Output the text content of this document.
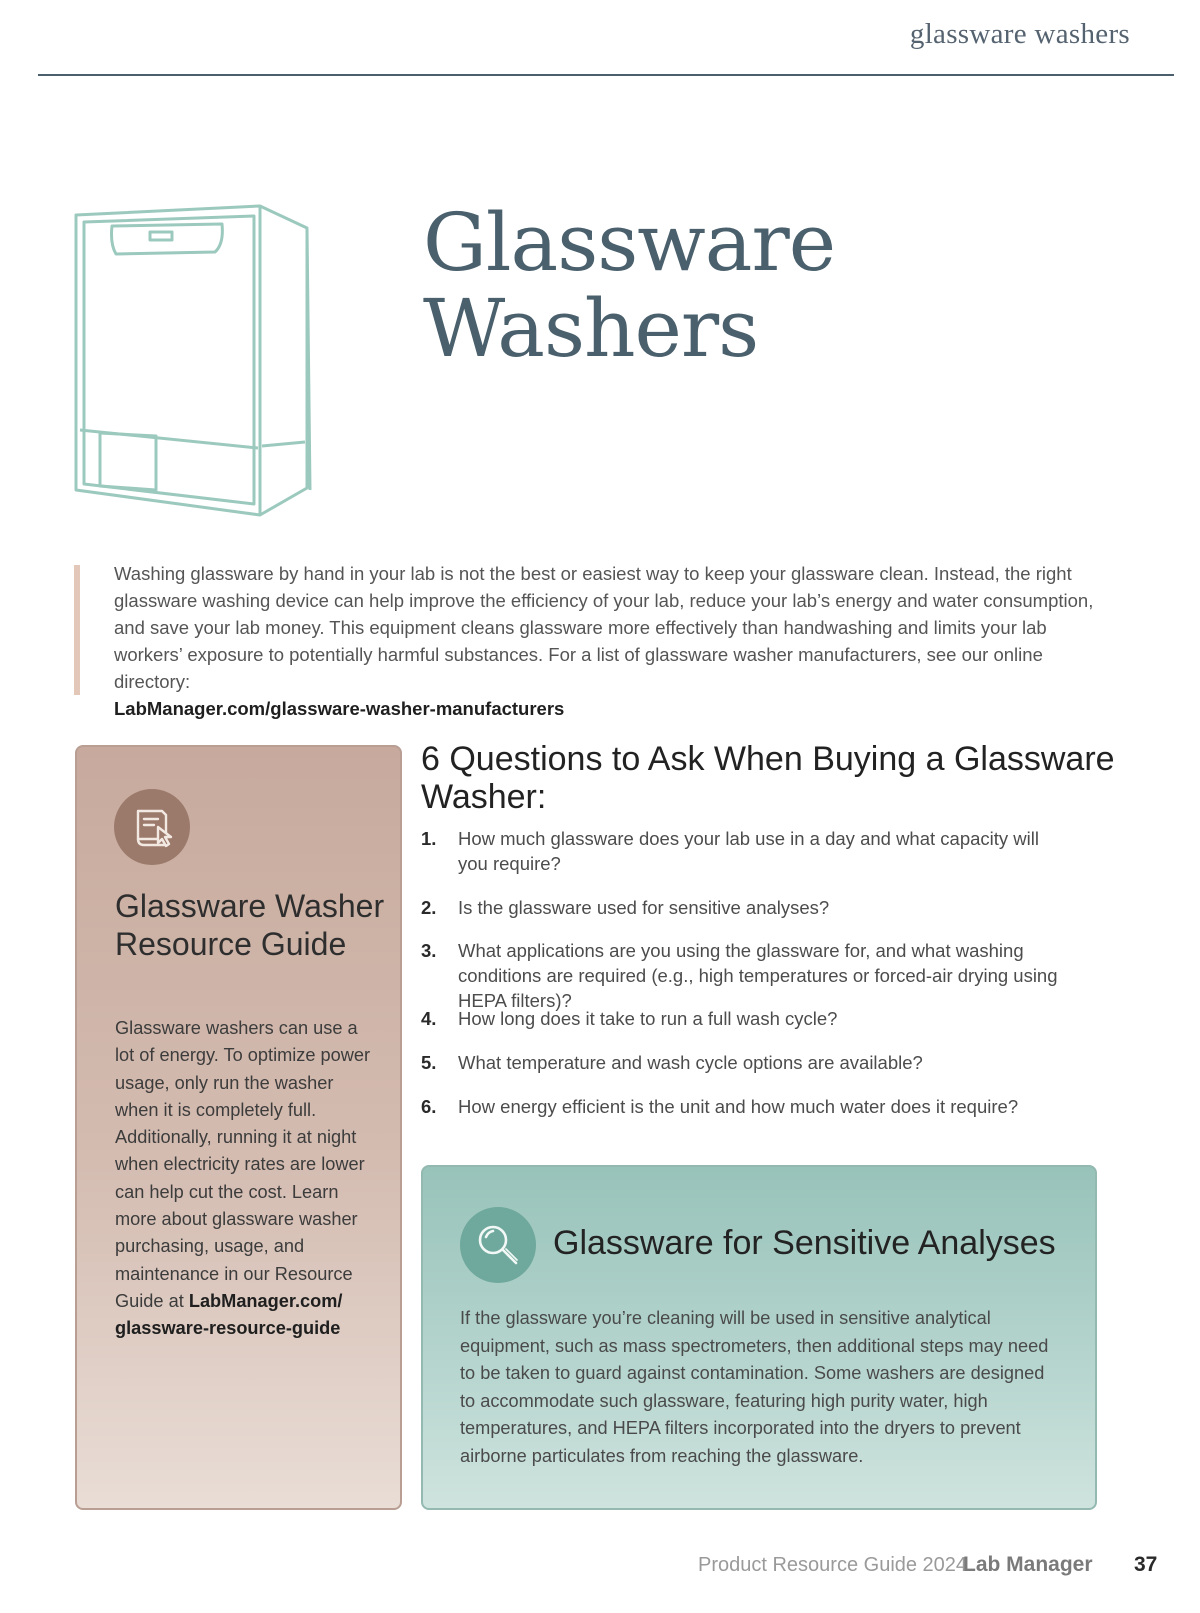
glassware washers
Glassware
Washers

Washing glassware by hand in your lab is not the best or easiest way to keep your glassware clean. Instead, the right glassware washing device can help improve the efficiency of your lab, reduce your lab’s energy and water consumption, and save your lab money. This equipment cleans glassware more effectively than handwashing and limits your lab workers’ exposure to potentially harmful substances. For a list of glassware washer manufacturers, see our online directory:
LabManager.com/glassware-washer-manufacturers

Glassware Washer Resource Guide

Glassware washers can use a lot of energy. To optimize power usage, only run the washer when it is completely full. Additionally, running it at night when electricity rates are lower can help cut the cost. Learn more about glassware washer purchasing, usage, and maintenance in our Resource Guide at LabManager.com/ glassware-resource-guide

6 Questions to Ask When Buying a Glassware Washer:
1.	How much glassware does your lab use in a day and what capacity will you require?
2.	Is the glassware used for sensitive analyses?
3.	What applications are you using the glassware for, and what washing conditions are required (e.g., high temperatures or forced-air drying using HEPA filters)?
4.	How long does it take to run a full wash cycle?
5.	What temperature and wash cycle options are available?
6.	How energy efficient is the unit and how much water does it require?
Glassware for Sensitive Analyses

If the glassware you’re cleaning will be used in sensitive analytical equipment, such as mass spectrometers, then additional steps may need to be taken to guard against contamination. Some washers are designed to accommodate such glassware, featuring high purity water, high temperatures, and HEPA filters incorporated into the dryers to prevent airborne particulates from reaching the glassware.

Product Resource Guide 2024
Lab Manager 37
